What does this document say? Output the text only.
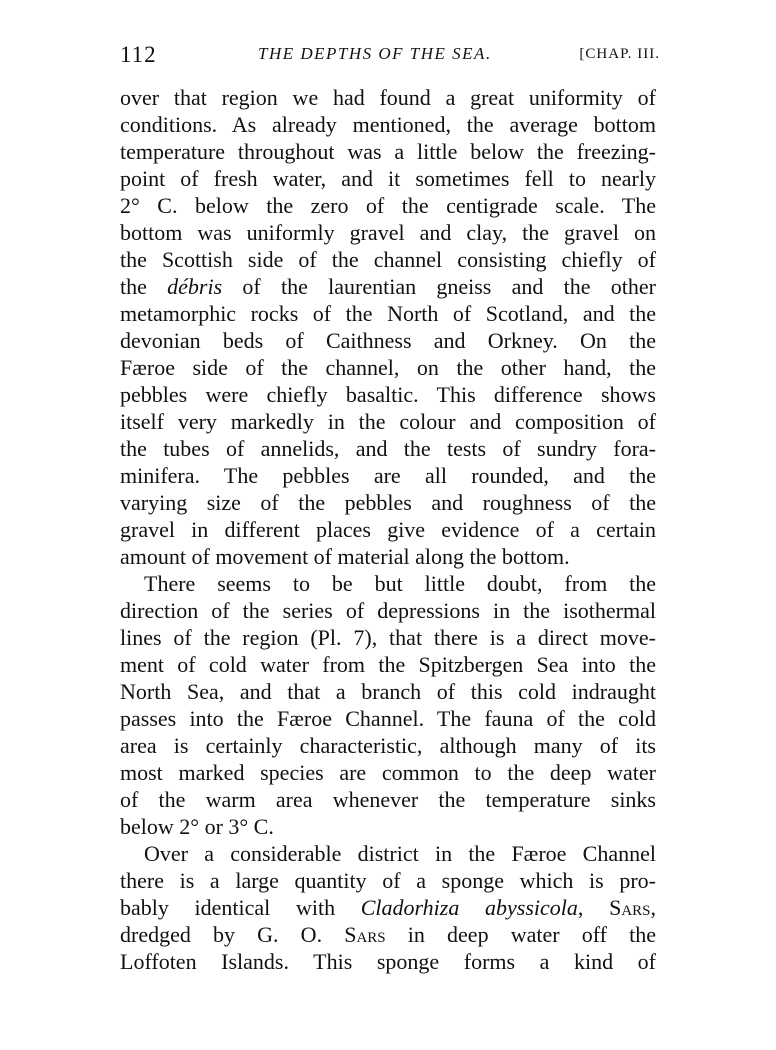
112	THE DEPTHS OF THE SEA.	[CHAP. III.
over that region we had found a great uniformity of
conditions. As already mentioned, the average bottom
temperature throughout was a little below the freezing-
point of fresh water, and it sometimes fell to nearly
2° C. below the zero of the centigrade scale. The
bottom was uniformly gravel and clay, the gravel on
the Scottish side of the channel consisting chiefly of
the débris of the laurentian gneiss and the other
metamorphic rocks of the North of Scotland, and the
devonian beds of Caithness and Orkney. On the
Færoe side of the channel, on the other hand, the
pebbles were chiefly basaltic. This difference shows
itself very markedly in the colour and composition of
the tubes of annelids, and the tests of sundry fora-
minifera. The pebbles are all rounded, and the
varying size of the pebbles and roughness of the
gravel in different places give evidence of a certain
amount of movement of material along the bottom.
There seems to be but little doubt, from the
direction of the series of depressions in the isothermal
lines of the region (Pl. 7), that there is a direct move-
ment of cold water from the Spitzbergen Sea into the
North Sea, and that a branch of this cold indraught
passes into the Færoe Channel. The fauna of the cold
area is certainly characteristic, although many of its
most marked species are common to the deep water
of the warm area whenever the temperature sinks
below 2° or 3° C.
Over a considerable district in the Færoe Channel
there is a large quantity of a sponge which is pro-
bably identical with Cladorhiza abyssicola, Sars,
dredged by G. O. Sars in deep water off the
Loffoten Islands. This sponge forms a kind of
